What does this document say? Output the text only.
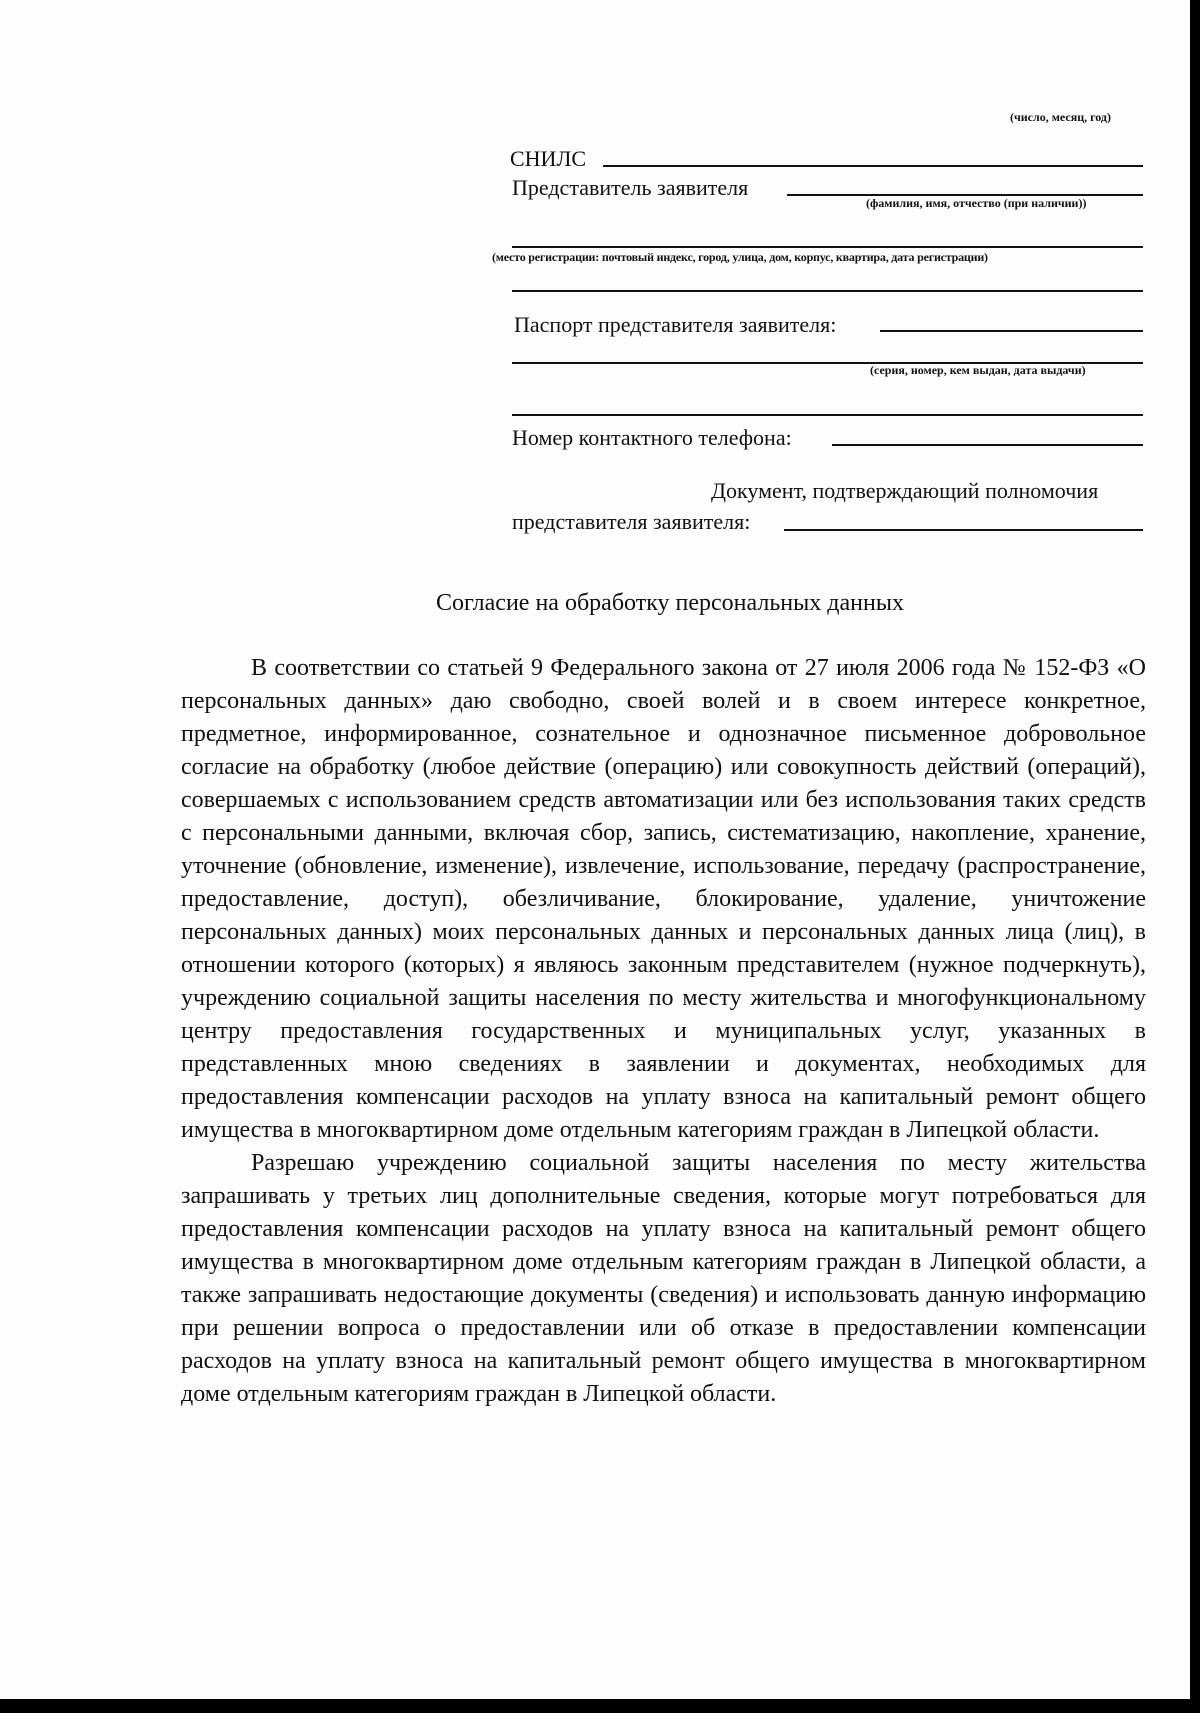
(число, месяц, год)
СНИЛС
Представитель заявителя
(фамилия, имя, отчество (при наличии))
(место регистрации: почтовый индекс, город, улица, дом, корпус, квартира, дата регистрации)
Паспорт представителя заявителя:
(серия, номер, кем выдан, дата выдачи)
Номер контактного телефона:
Документ, подтверждающий полномочия
представителя заявителя:
Согласие на обработку персональных данных

В соответствии со статьей 9 Федерального закона от 27 июля 2006 года № 152-ФЗ «О персональных данных» даю свободно, своей волей и в своем интересе конкретное, предметное, информированное, сознательное и однозначное письменное добровольное согласие на обработку (любое действие (операцию) или совокупность действий (операций), совершаемых с использованием средств автоматизации или без использования таких средств с персональными данными, включая сбор, запись, систематизацию, накопление, хранение, уточнение (обновление, изменение), извлечение, использование, передачу (распространение, предоставление, доступ), обезличивание, блокирование, удаление, уничтожение персональных данных) моих персональных данных и персональных данных лица (лиц), в отношении которого (которых) я являюсь законным представителем (нужное подчеркнуть), учреждению социальной защиты населения по месту жительства и многофункциональному центру предоставления государственных и муниципальных услуг, указанных в представленных мною сведениях в заявлении и документах, необходимых для предоставления компенсации расходов на уплату взноса на капитальный ремонт общего имущества в многоквартирном доме отдельным категориям граждан в Липецкой области.

Разрешаю учреждению социальной защиты населения по месту жительства запрашивать у третьих лиц дополнительные сведения, которые могут потребоваться для предоставления компенсации расходов на уплату взноса на капитальный ремонт общего имущества в многоквартирном доме отдельным категориям граждан в Липецкой области, а также запрашивать недостающие документы (сведения) и использовать данную информацию при решении вопроса о предоставлении или об отказе в предоставлении компенсации расходов на уплату взноса на капитальный ремонт общего имущества в многоквартирном доме отдельным категориям граждан в Липецкой области.
